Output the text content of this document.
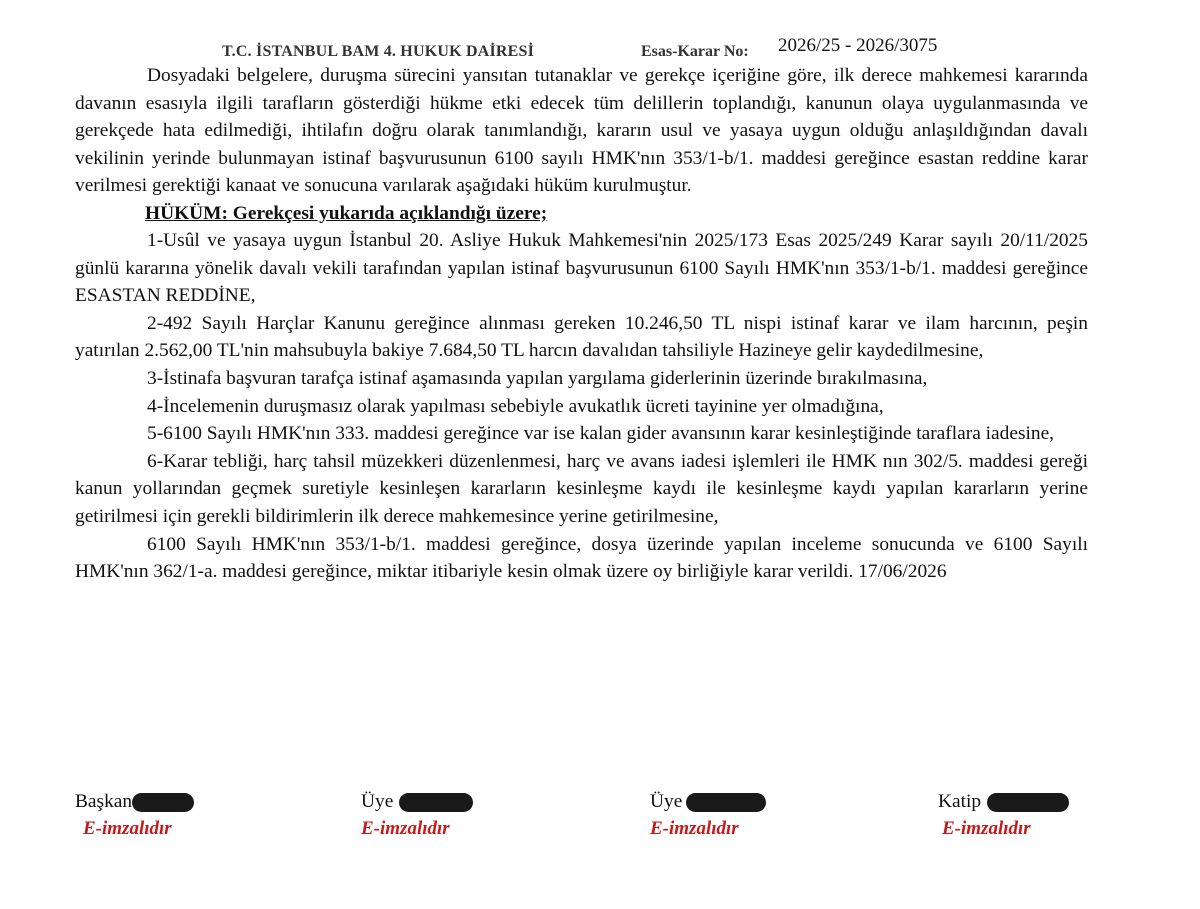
T.C. İSTANBUL BAM 4. HUKUK DAİRESİ	Esas-Karar No: 2026/25 - 2026/3075

Dosyadaki belgelere, duruşma sürecini yansıtan tutanaklar ve gerekçe içeriğine göre, ilk derece mahkemesi kararında davanın esasıyla ilgili tarafların gösterdiği hükme etki edecek tüm delillerin toplandığı, kanunun olaya uygulanmasında ve gerekçede hata edilmediği, ihtilafın doğru olarak tanımlandığı, kararın usul ve yasaya uygun olduğu anlaşıldığından davalı vekilinin yerinde bulunmayan istinaf başvurusunun 6100 sayılı HMK'nın 353/1-b/1. maddesi gereğince esastan reddine karar verilmesi gerektiği kanaat ve sonucuna varılarak aşağıdaki hüküm kurulmuştur.

HÜKÜM: Gerekçesi yukarıda açıklandığı üzere;

1-Usûl ve yasaya uygun İstanbul 20. Asliye Hukuk Mahkemesi'nin 2025/173 Esas 2025/249 Karar sayılı 20/11/2025 günlü kararına yönelik davalı vekili tarafından yapılan istinaf başvurusunun 6100 Sayılı HMK'nın 353/1-b/1. maddesi gereğince ESASTAN REDDİNE,

2-492 Sayılı Harçlar Kanunu gereğince alınması gereken 10.246,50 TL nispi istinaf karar ve ilam harcının, peşin yatırılan 2.562,00 TL'nin mahsubuyla bakiye 7.684,50 TL harcın davalıdan tahsiliyle Hazineye gelir kaydedilmesine,

3-İstinafa başvuran tarafça istinaf aşamasında yapılan yargılama giderlerinin üzerinde bırakılmasına,

4-İncelemenin duruşmasız olarak yapılması sebebiyle avukatlık ücreti tayinine yer olmadığına,

5-6100 Sayılı HMK'nın 333. maddesi gereğince var ise kalan gider avansının karar kesinleştiğinde taraflara iadesine,

6-Karar tebliği, harç tahsil müzekkeri düzenlenmesi, harç ve avans iadesi işlemleri ile HMK nın 302/5. maddesi gereği kanun yollarından geçmek suretiyle kesinleşen kararların kesinleşme kaydı ile kesinleşme kaydı yapılan kararların yerine getirilmesi için gerekli bildirimlerin ilk derece mahkemesince yerine getirilmesine,

6100 Sayılı HMK'nın 353/1-b/1. maddesi gereğince, dosya üzerinde yapılan inceleme sonucunda ve 6100 Sayılı HMK'nın 362/1-a. maddesi gereğince, miktar itibariyle kesin olmak üzere oy birliğiyle karar verildi. 17/06/2026

Başkan
E-imzalıdır
Üye
E-imzalıdır
Üye
E-imzalıdır
Katip
E-imzalıdır
